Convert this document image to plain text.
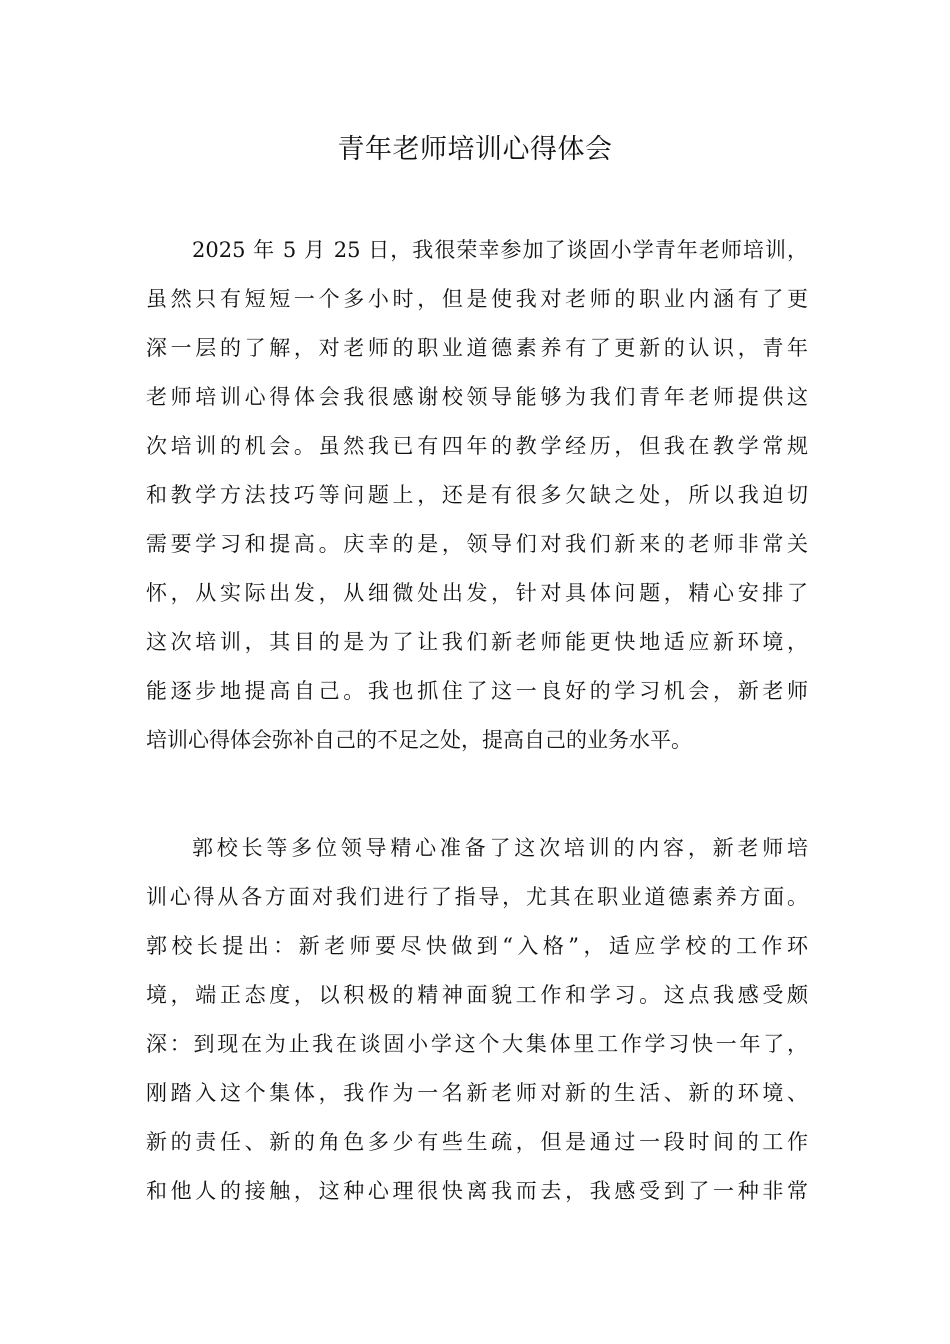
青年老师培训心得体会
2025 年 5 月 25 日，我很荣幸参加了谈固小学青年老师培训，
虽然只有短短一个多小时，但是使我对老师的职业内涵有了更
深一层的了解，对老师的职业道德素养有了更新的认识，青年
老师培训心得体会我很感谢校领导能够为我们青年老师提供这
次培训的机会。虽然我已有四年的教学经历，但我在教学常规
和教学方法技巧等问题上，还是有很多欠缺之处，所以我迫切
需要学习和提高。庆幸的是，领导们对我们新来的老师非常关
怀，从实际出发，从细微处出发，针对具体问题，精心安排了
这次培训，其目的是为了让我们新老师能更快地适应新环境，
能逐步地提高自己。我也抓住了这一良好的学习机会，新老师
培训心得体会弥补自己的不足之处，提高自己的业务水平。
郭校长等多位领导精心准备了这次培训的内容，新老师培
训心得从各方面对我们进行了指导，尤其在职业道德素养方面。
郭校长提出：新老师要尽快做到“入格”，适应学校的工作环
境，端正态度，以积极的精神面貌工作和学习。这点我感受颇
深：到现在为止我在谈固小学这个大集体里工作学习快一年了，
刚踏入这个集体，我作为一名新老师对新的生活、新的环境、
新的责任、新的角色多少有些生疏，但是通过一段时间的工作
和他人的接触，这种心理很快离我而去，我感受到了一种非常
